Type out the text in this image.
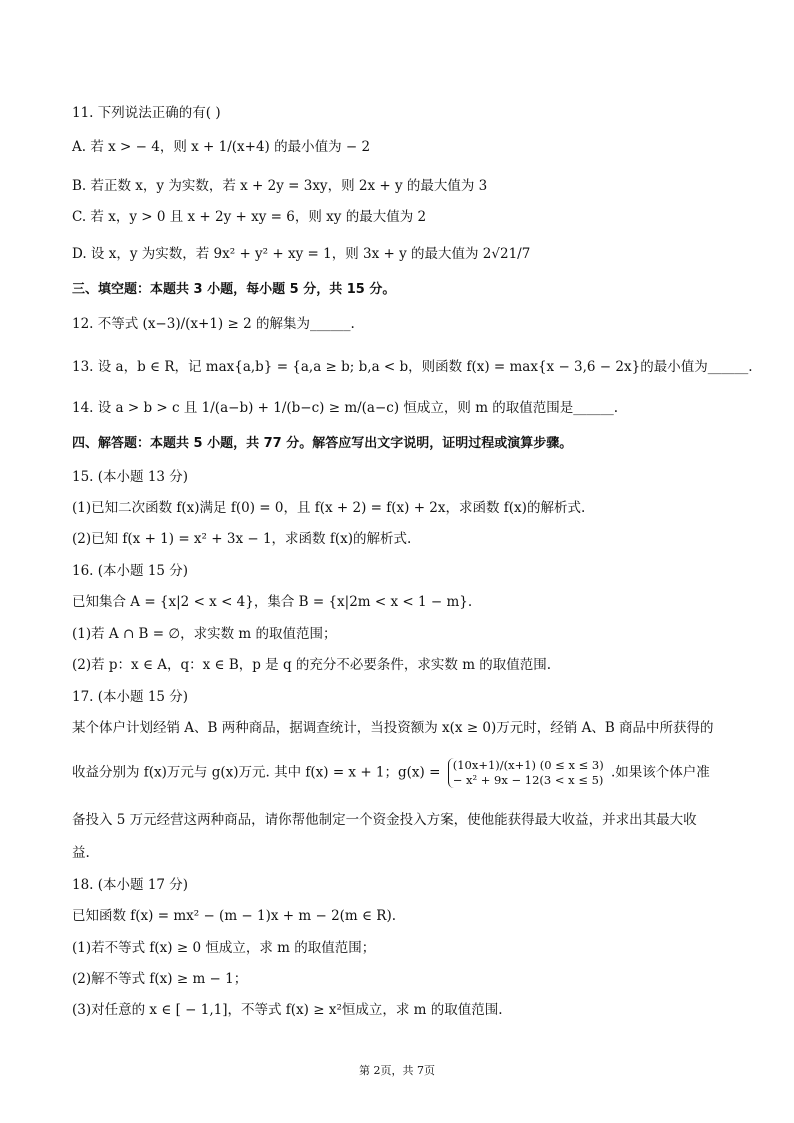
11. 下列说法正确的有( )
A. 若 x > − 4，则 x + 1/(x+4) 的最小值为 − 2
B. 若正数 x，y 为实数，若 x + 2y = 3xy，则 2x + y 的最大值为 3
C. 若 x，y > 0 且 x + 2y + xy = 6，则 xy 的最大值为 2
D. 设 x，y 为实数，若 9x² + y² + xy = 1，则 3x + y 的最大值为 2√21/7
三、填空题：本题共 3 小题，每小题 5 分，共 15 分。
12. 不等式 (x−3)/(x+1) ≥ 2 的解集为______.
13. 设 a，b ∈ R，记 max{a,b} = {a,a ≥ b; b,a < b，则函数 f(x) = max{x − 3,6 − 2x}的最小值为______.
14. 设 a > b > c 且 1/(a−b) + 1/(b−c) ≥ m/(a−c) 恒成立，则 m 的取值范围是______.
四、解答题：本题共 5 小题，共 77 分。解答应写出文字说明，证明过程或演算步骤。
15. (本小题 13 分)
(1)已知二次函数 f(x)满足 f(0) = 0，且 f(x + 2) = f(x) + 2x，求函数 f(x)的解析式.
(2)已知 f(x + 1) = x² + 3x − 1，求函数 f(x)的解析式.
16. (本小题 15 分)
已知集合 A = {x|2 < x < 4}，集合 B = {x|2m < x < 1 − m}.
(1)若 A ∩ B = ∅，求实数 m 的取值范围；
(2)若 p：x ∈ A，q：x ∈ B，p 是 q 的充分不必要条件，求实数 m 的取值范围.
17. (本小题 15 分)
某个体户计划经销 A、B 两种商品，据调查统计，当投资额为 x(x ≥ 0)万元时，经销 A、B 商品中所获得的
收益分别为 f(x)万元与 g(x)万元. 其中 f(x) = x + 1；g(x) = (10x+1)/(x+1) (0 ≤ x ≤ 3)
− x² + 9x − 12(3 < x ≤ 5) .如果该个体户准
备投入 5 万元经营这两种商品，请你帮他制定一个资金投入方案，使他能获得最大收益，并求出其最大收
益.
18. (本小题 17 分)
已知函数 f(x) = mx² − (m − 1)x + m − 2(m ∈ R).
(1)若不等式 f(x) ≥ 0 恒成立，求 m 的取值范围；
(2)解不等式 f(x) ≥ m − 1；
(3)对任意的 x ∈ [ − 1,1]，不等式 f(x) ≥ x²恒成立，求 m 的取值范围.
第 2页，共 7页
